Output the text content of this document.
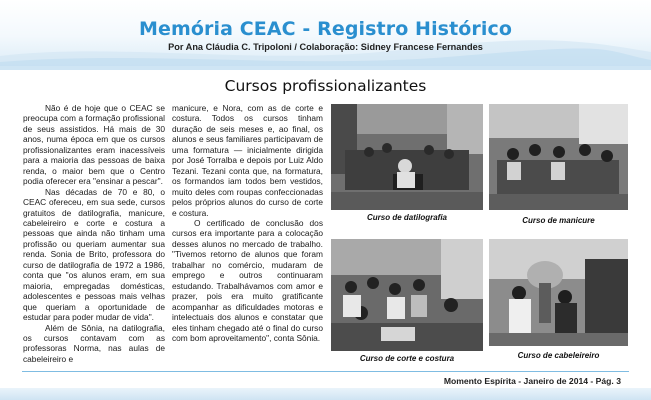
Memória CEAC - Registro Histórico
Por Ana Cláudia C. Tripoloni / Colaboração: Sidney Francese Fernandes
Cursos profissionalizantes

Não é de hoje que o CEAC se preocupa com a formação profissional de seus assistidos. Há mais de 30 anos, numa época em que os cursos profissionalizantes eram inacessíveis para a maioria das pessoas de baixa renda, o maior bem que o Centro podia oferecer era "ensinar a pescar".

Nas décadas de 70 e 80, o CEAC ofereceu, em sua sede, cursos gratuitos de datilografia, manicure, cabeleireiro e corte e costura a pessoas que ainda não tinham uma profissão ou queriam aumentar sua renda. Sonia de Brito, professora do curso de datilografia de 1972 a 1986, conta que "os alunos eram, em sua maioria, empregadas domésticas, adolescentes e pessoas mais velhas que queriam a oportunidade de estudar para poder mudar de vida".

Além de Sônia, na datilografia, os cursos contavam com as professoras Norma, nas aulas de cabeleireiro e

manicure, e Nora, com as de corte e costura. Todos os cursos tinham duração de seis meses e, ao final, os alunos e seus familiares participavam de uma formatura — inicialmente dirigida por José Torralba e depois por Luiz Aldo Tezani. Tezani conta que, na formatura, os formandos iam todos bem vestidos, muito deles com roupas confeccionadas pelos próprios alunos do curso de corte e costura.

O certificado de conclusão dos cursos era importante para a colocação desses alunos no mercado de trabalho. "Tivemos retorno de alunos que foram trabalhar no comércio, mudaram de emprego e outros continuaram estudando. Trabalhávamos com amor e prazer, pois era muito gratificante acompanhar as dificuldades motoras e intelectuais dos alunos e constatar que eles tinham chegado até o final do curso com bom aproveitamento", conta Sônia.

Curso de datilografia	Curso de manicure
Curso de corte e costura	Curso de cabeleireiro
Momento Espírita - Janeiro de 2014 - Pág. 3
